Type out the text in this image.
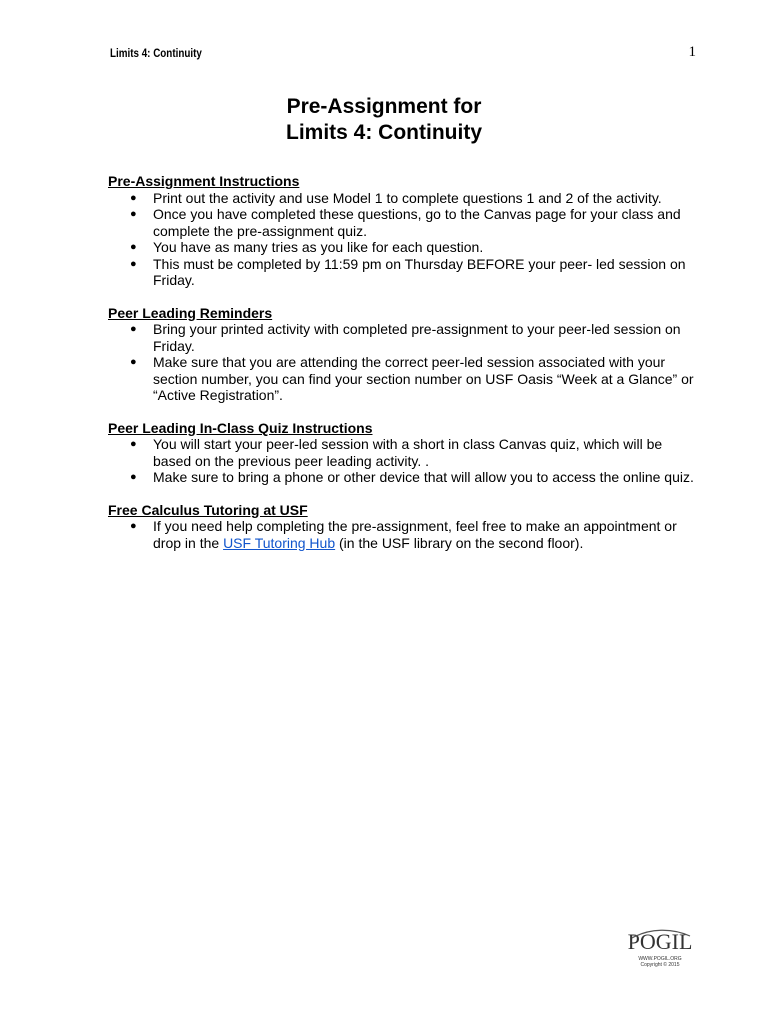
Limits 4: Continuity	1
Pre-Assignment for
Limits 4: Continuity

Pre-Assignment Instructions

● Print out the activity and use Model 1 to complete questions 1 and 2 of the activity.
● Once you have completed these questions, go to the Canvas page for your class and complete the pre-assignment quiz.
● You have as many tries as you like for each question.
● This must be completed by 11:59 pm on Thursday BEFORE your peer- led session on Friday.

Peer Leading Reminders

● Bring your printed activity with completed pre-assignment to your peer-led session on Friday.
● Make sure that you are attending the correct peer-led session associated with your section number, you can find your section number on USF Oasis “Week at a Glance” or “Active Registration”.

Peer Leading In-Class Quiz Instructions

● You will start your peer-led session with a short in class Canvas quiz, which will be based on the previous peer leading activity. .
● Make sure to bring a phone or other device that will allow you to access the online quiz.

Free Calculus Tutoring at USF

● If you need help completing the pre-assignment, feel free to make an appointment or drop in the USF Tutoring Hub (in the USF library on the second floor).
POGIL
WWW.POGIL.ORG
Copyright © 2015
